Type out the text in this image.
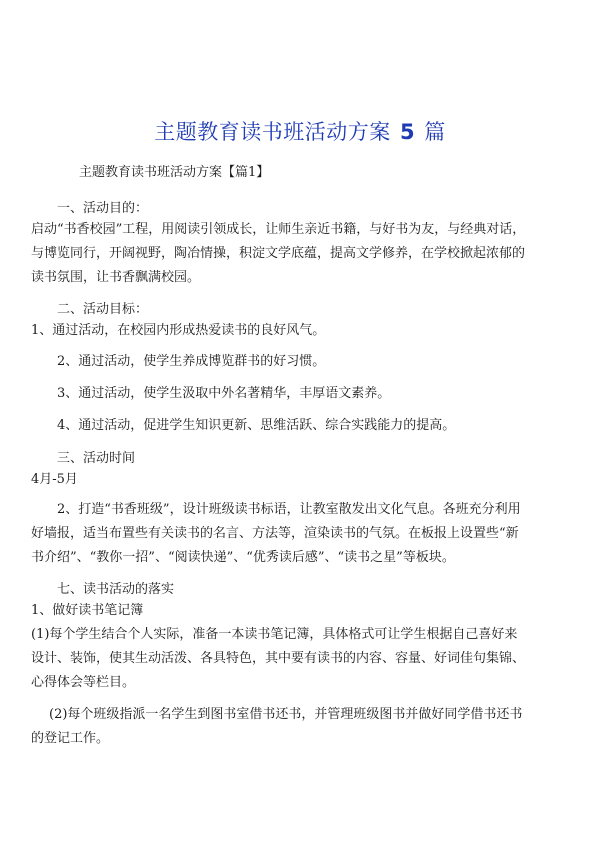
主题教育读书班活动方案 5 篇
主题教育读书班活动方案【篇1】
一、活动目的：
启动“书香校园”工程，用阅读引领成长，让师生亲近书籍，与好书为友，与经典对话，
与博览同行，开阔视野，陶冶情操，积淀文学底蕴，提高文学修养，在学校掀起浓郁的
读书氛围，让书香飘满校园。
二、活动目标：
1、通过活动，在校园内形成热爱读书的良好风气。
2、通过活动，使学生养成博览群书的好习惯。
3、通过活动，使学生汲取中外名著精华，丰厚语文素养。
4、通过活动，促进学生知识更新、思维活跃、综合实践能力的提高。
三、活动时间
4月-5月
2、打造“书香班级”，设计班级读书标语，让教室散发出文化气息。各班充分利用
好墙报，适当布置些有关读书的名言、方法等，渲染读书的气氛。在板报上设置些“新
书介绍”、“教你一招”、“阅读快递”、“优秀读后感”、“读书之星”等板块。
七、读书活动的落实
1、做好读书笔记簿
(1)每个学生结合个人实际，准备一本读书笔记簿，具体格式可让学生根据自己喜好来
设计、装饰，使其生动活泼、各具特色，其中要有读书的内容、容量、好词佳句集锦、
心得体会等栏目。
(2)每个班级指派一名学生到图书室借书还书，并管理班级图书并做好同学借书还书
的登记工作。
